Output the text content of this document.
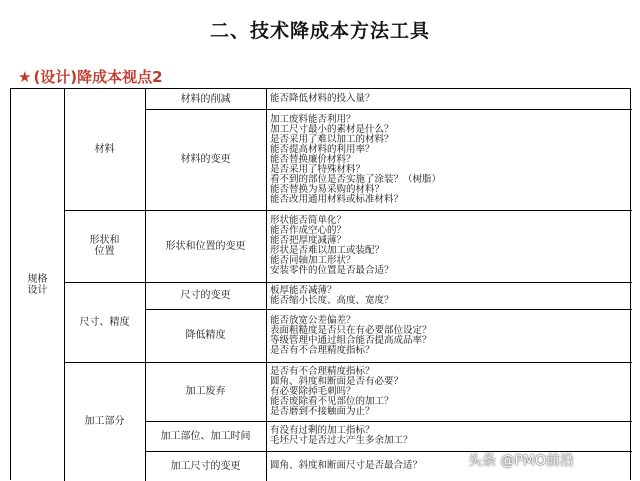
二、技术降成本方法工具
★ (设计)降成本视点2
规格
设计
材料
形状和
位置
尺寸、精度
加工部分
材料的削减
材料的变更
形状和位置的变更
尺寸的变更
降低精度
加工废弃
加工部位、加工时间
加工尺寸的变更
能否降低材料的投入量？
加工废料能否利用？
加工尺寸最小的素材是什么？
是否采用了难以加工的材料？
能否提高材料的利用率？
能否替换廉价材料？
是否采用了特殊材料？
看不到的部位是否实施了涂装？（树脂）
能否替换为易采购的材料？
能否改用通用材料或标准材料？
形状能否简单化？
能否作成空心的？
能否把厚度减薄？
形状是否难以加工或装配？
能否同轴加工形状？
安装零件的位置是否最合适？
板厚能否减薄？
能否缩小长度、高度、宽度？
能否放宽公差偏差？
表面粗糙度是否只在有必要部位设定？
等级管理中通过组合能否提高成品率？
是否有不合理精度指标？
是否有不合理精度指标？
圆角、斜度和断面是否有必要？
有必要除掉毛刺吗？
能否废除看不见部位的加工？
是否磨到不接触面为止？
有没有过剩的加工指标？
毛坯尺寸是否过大产生多余加工？
圆角、斜度和断面尺寸是否最合适？	头条 @PMO前沿
